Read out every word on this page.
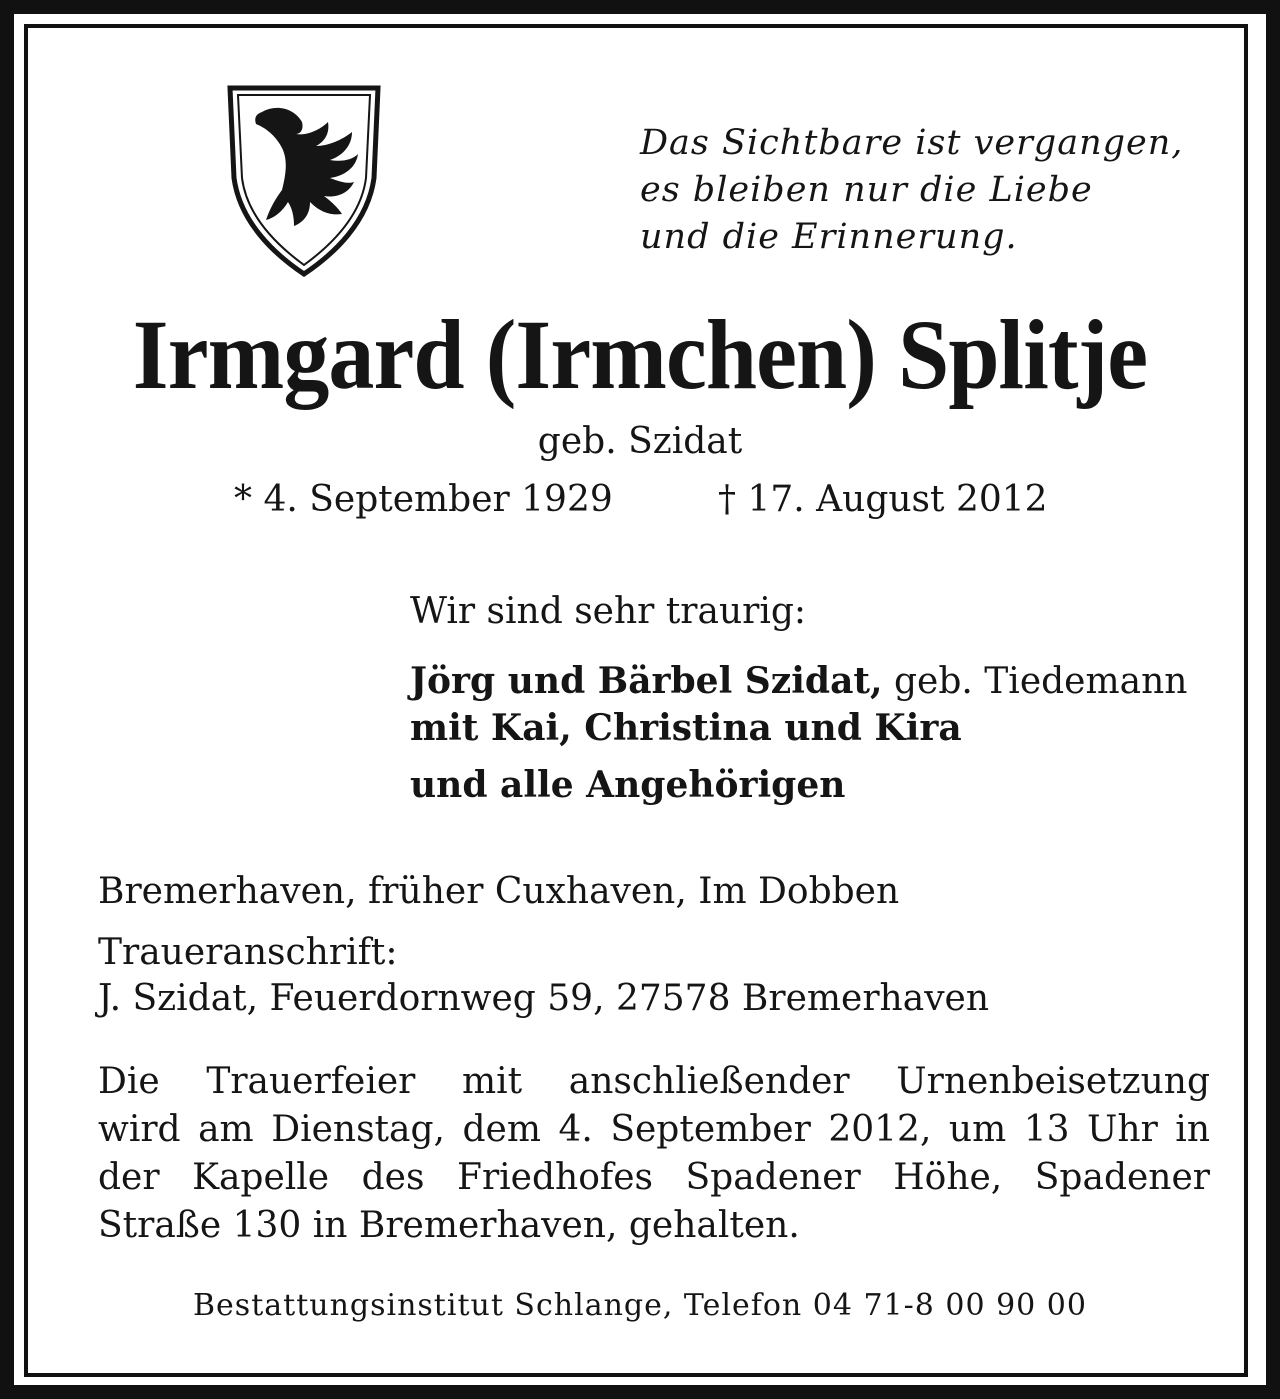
Das Sichtbare ist vergangen,
es bleiben nur die Liebe
und die Erinnerung.
Irmgard (Irmchen) Splitje
geb. Szidat
* 4. September 1929	† 17. August 2012
Wir sind sehr traurig:
Jörg und Bärbel Szidat, geb. Tiedemann
mit Kai, Christina und Kira
und alle Angehörigen
Bremerhaven, früher Cuxhaven, Im Dobben
Traueranschrift:
J. Szidat, Feuerdornweg 59, 27578 Bremerhaven
Die Trauerfeier mit anschließender Urnenbeisetzung
wird am Dienstag, dem 4. September 2012, um 13 Uhr in
der Kapelle des Friedhofes Spadener Höhe, Spadener
Straße 130 in Bremerhaven, gehalten.
Bestattungsinstitut Schlange, Telefon 04 71-8 00 90 00
